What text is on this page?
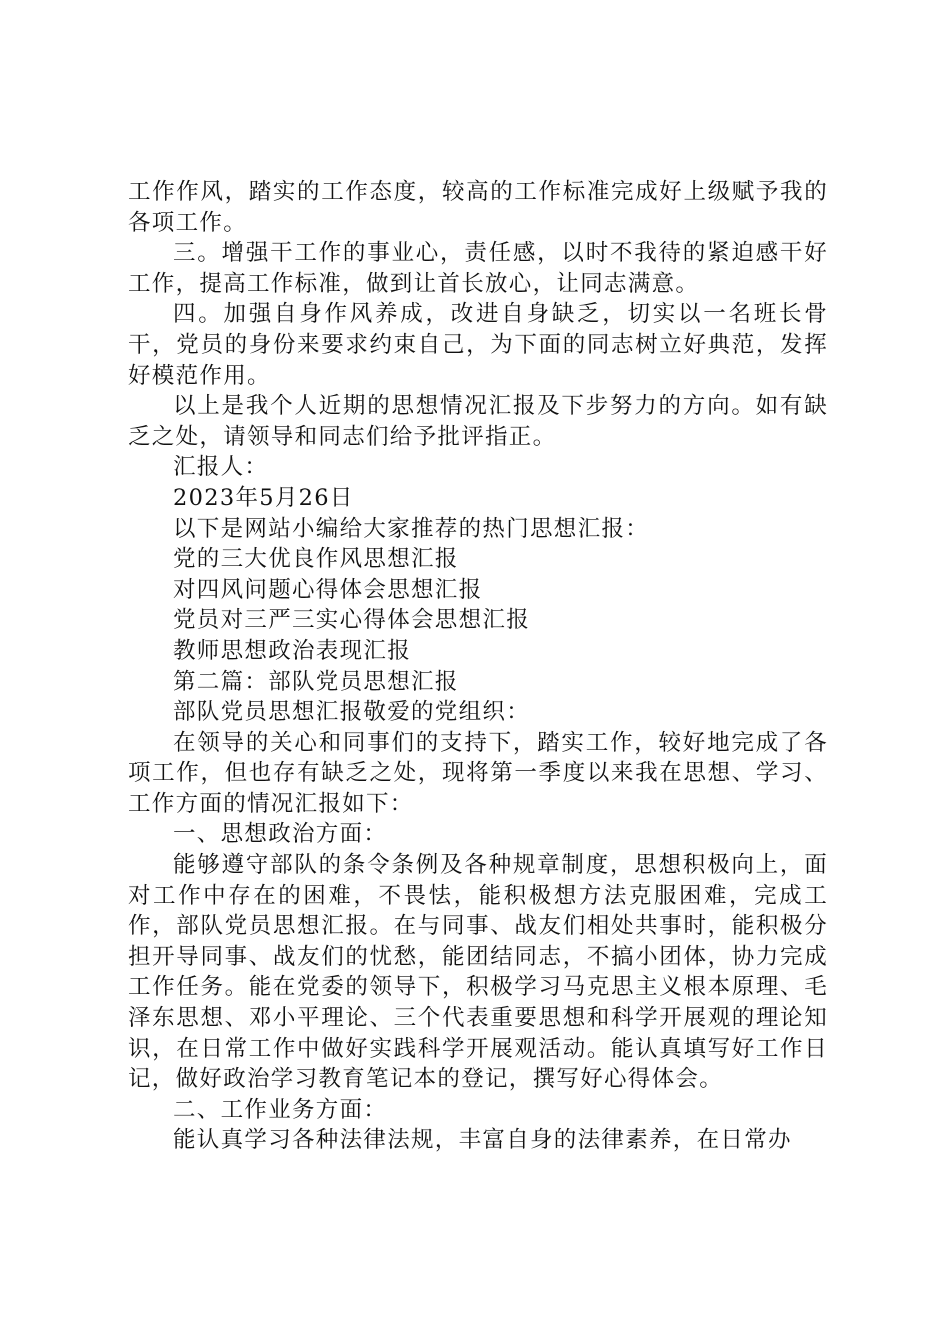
工作作风，踏实的工作态度，较高的工作标准完成好上级赋予我的各项工作。

三。增强干工作的事业心，责任感，以时不我待的紧迫感干好工作，提高工作标准，做到让首长放心，让同志满意。

四。加强自身作风养成，改进自身缺乏，切实以一名班长骨干，党员的身份来要求约束自己，为下面的同志树立好典范，发挥好模范作用。

以上是我个人近期的思想情况汇报及下步努力的方向。如有缺乏之处，请领导和同志们给予批评指正。

汇报人：

2023年5月26日

以下是网站小编给大家推荐的热门思想汇报：

党的三大优良作风思想汇报

对四风问题心得体会思想汇报

党员对三严三实心得体会思想汇报

教师思想政治表现汇报

第二篇：部队党员思想汇报

部队党员思想汇报敬爱的党组织：

在领导的关心和同事们的支持下，踏实工作，较好地完成了各项工作，但也存有缺乏之处，现将第一季度以来我在思想、学习、工作方面的情况汇报如下：

一、思想政治方面：

能够遵守部队的条令条例及各种规章制度，思想积极向上，面对工作中存在的困难，不畏怯，能积极想方法克服困难，完成工作，部队党员思想汇报。在与同事、战友们相处共事时，能积极分担开导同事、战友们的忧愁，能团结同志，不搞小团体，协力完成工作任务。能在党委的领导下，积极学习马克思主义根本原理、毛泽东思想、邓小平理论、三个代表重要思想和科学开展观的理论知识，在日常工作中做好实践科学开展观活动。能认真填写好工作日记，做好政治学习教育笔记本的登记，撰写好心得体会。

二、工作业务方面：

能认真学习各种法律法规，丰富自身的法律素养，在日常办
